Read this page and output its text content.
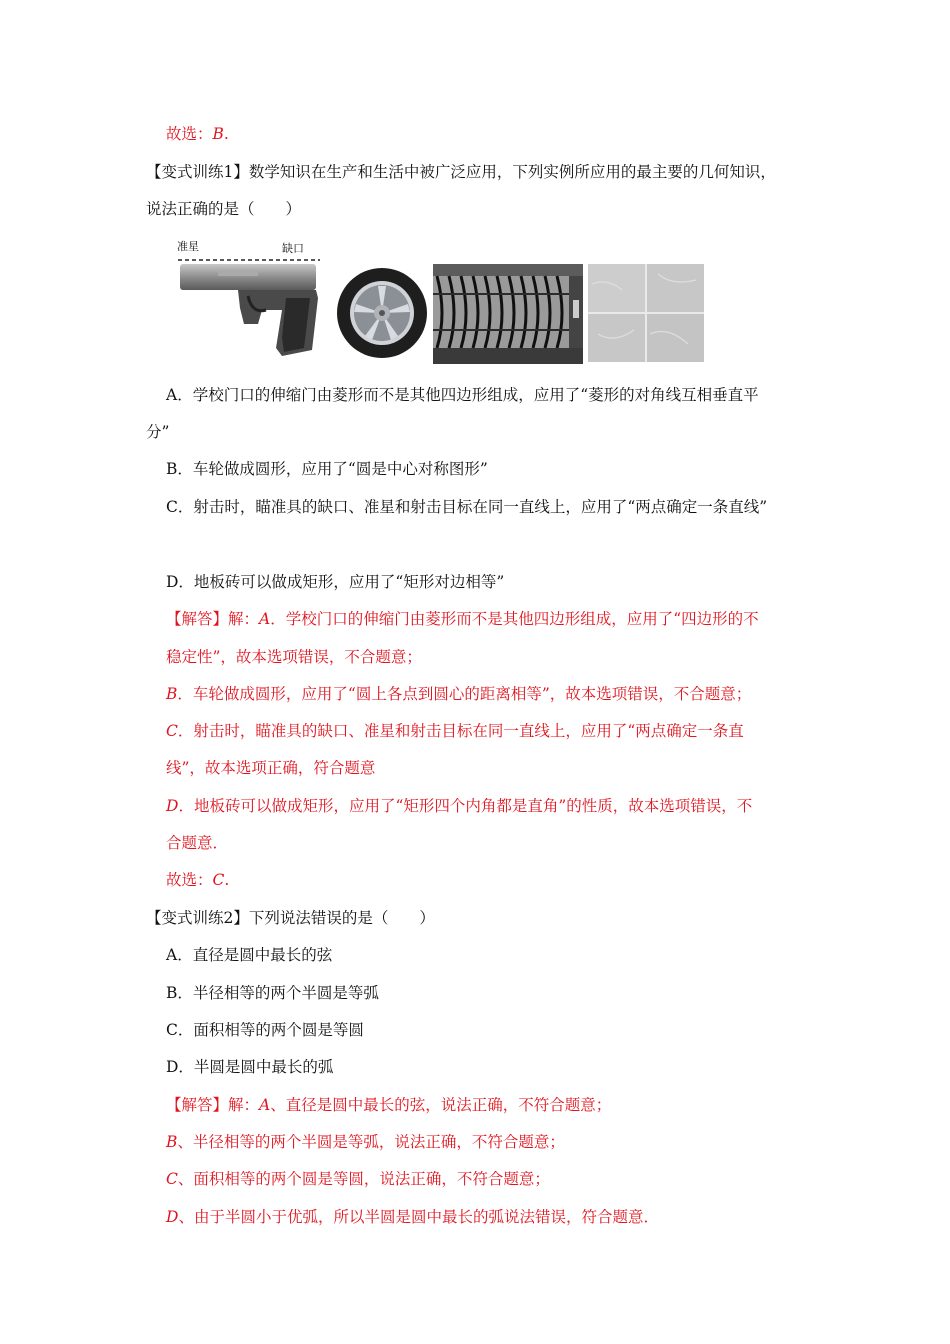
故选：B.
【变式训练1】数学知识在生产和生活中被广泛应用，下列实例所应用的最主要的几何知识，
说法正确的是（　　）
准星	缺口
A．学校门口的伸缩门由菱形而不是其他四边形组成，应用了“菱形的对角线互相垂直平
分”
B．车轮做成圆形，应用了“圆是中心对称图形”
C．射击时，瞄准具的缺口、准星和射击目标在同一直线上，应用了“两点确定一条直线”
D．地板砖可以做成矩形，应用了“矩形对边相等”
【解答】解：A．学校门口的伸缩门由菱形而不是其他四边形组成，应用了“四边形的不
稳定性”，故本选项错误，不合题意；
B．车轮做成圆形，应用了“圆上各点到圆心的距离相等”，故本选项错误，不合题意；
C．射击时，瞄准具的缺口、准星和射击目标在同一直线上，应用了“两点确定一条直
线”，故本选项正确，符合题意
D．地板砖可以做成矩形，应用了“矩形四个内角都是直角”的性质，故本选项错误，不
合题意．
故选：C.
【变式训练2】下列说法错误的是（　　）
A．直径是圆中最长的弦
B．半径相等的两个半圆是等弧
C．面积相等的两个圆是等圆
D．半圆是圆中最长的弧
【解答】解：A、直径是圆中最长的弦，说法正确，不符合题意；
B、半径相等的两个半圆是等弧，说法正确，不符合题意；
C、面积相等的两个圆是等圆，说法正确，不符合题意；
D、由于半圆小于优弧，所以半圆是圆中最长的弧说法错误，符合题意．
